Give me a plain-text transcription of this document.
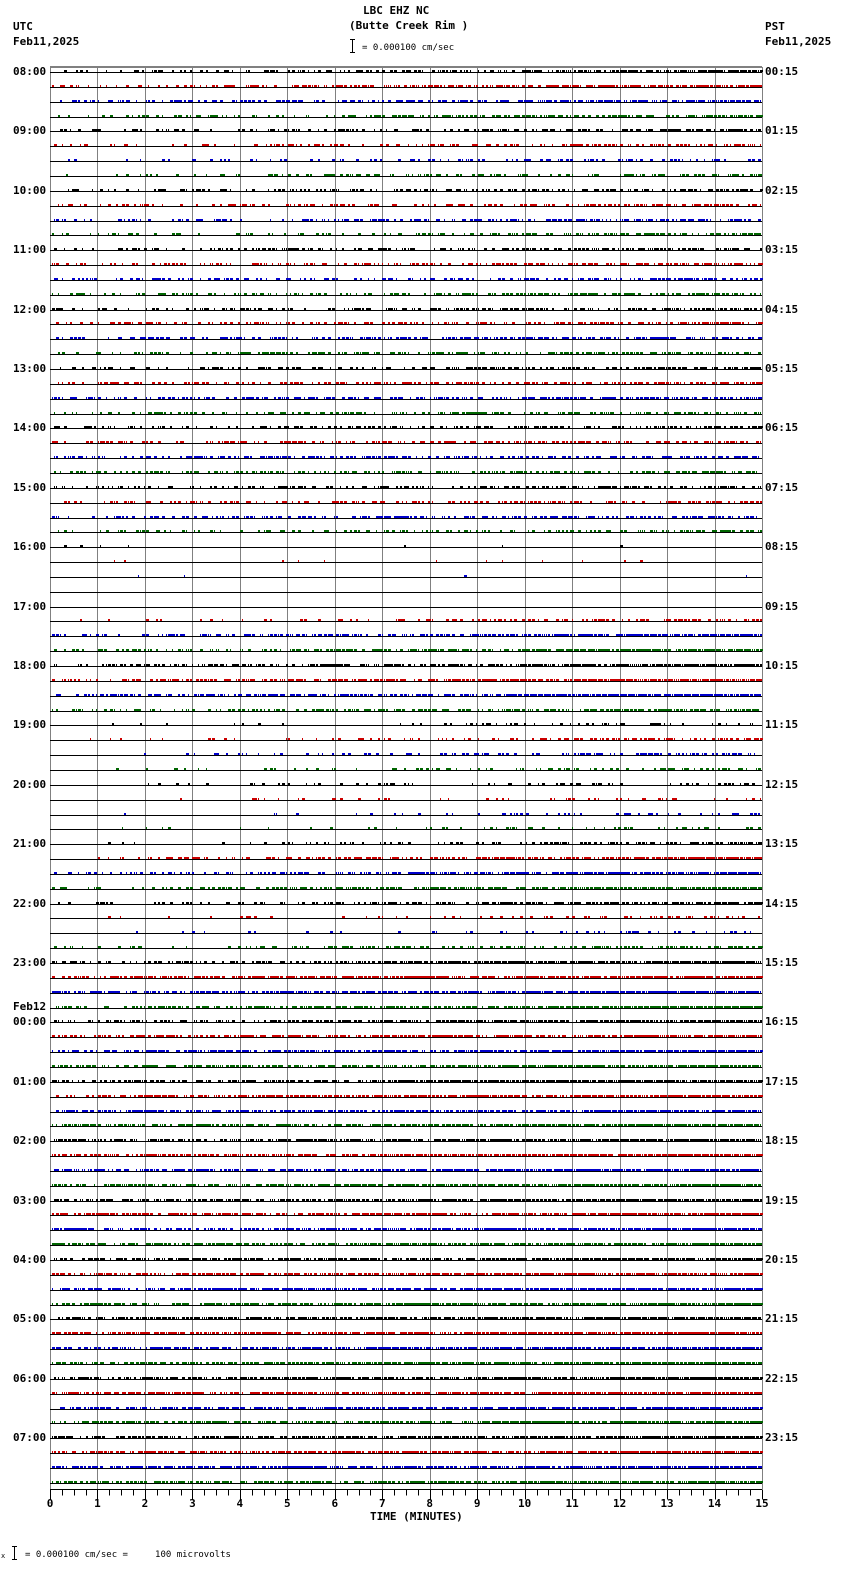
LBC EHZ NC
(Butte Creek Rim )
= 0.000100 cm/sec
UTC
Feb11,2025
PST
Feb11,2025
08:00
09:00
10:00
11:00
12:00
13:00
14:00
15:00
16:00
17:00
18:00
19:00
20:00
21:00
22:00
23:00
Feb12
00:00
01:00
02:00
03:00
04:00
05:00
06:00
07:00
00:15
01:15
02:15
03:15
04:15
05:15
06:15
07:15
08:15
09:15
10:15
11:15
12:15
13:15
14:15
15:15
16:15
17:15
18:15
19:15
20:15
21:15
22:15
23:15
0	1	2	3	4	5	6	7	8	9	10	11	12	13	14	15
TIME (MINUTES)
x = 0.000100 cm/sec =     100 microvolts
